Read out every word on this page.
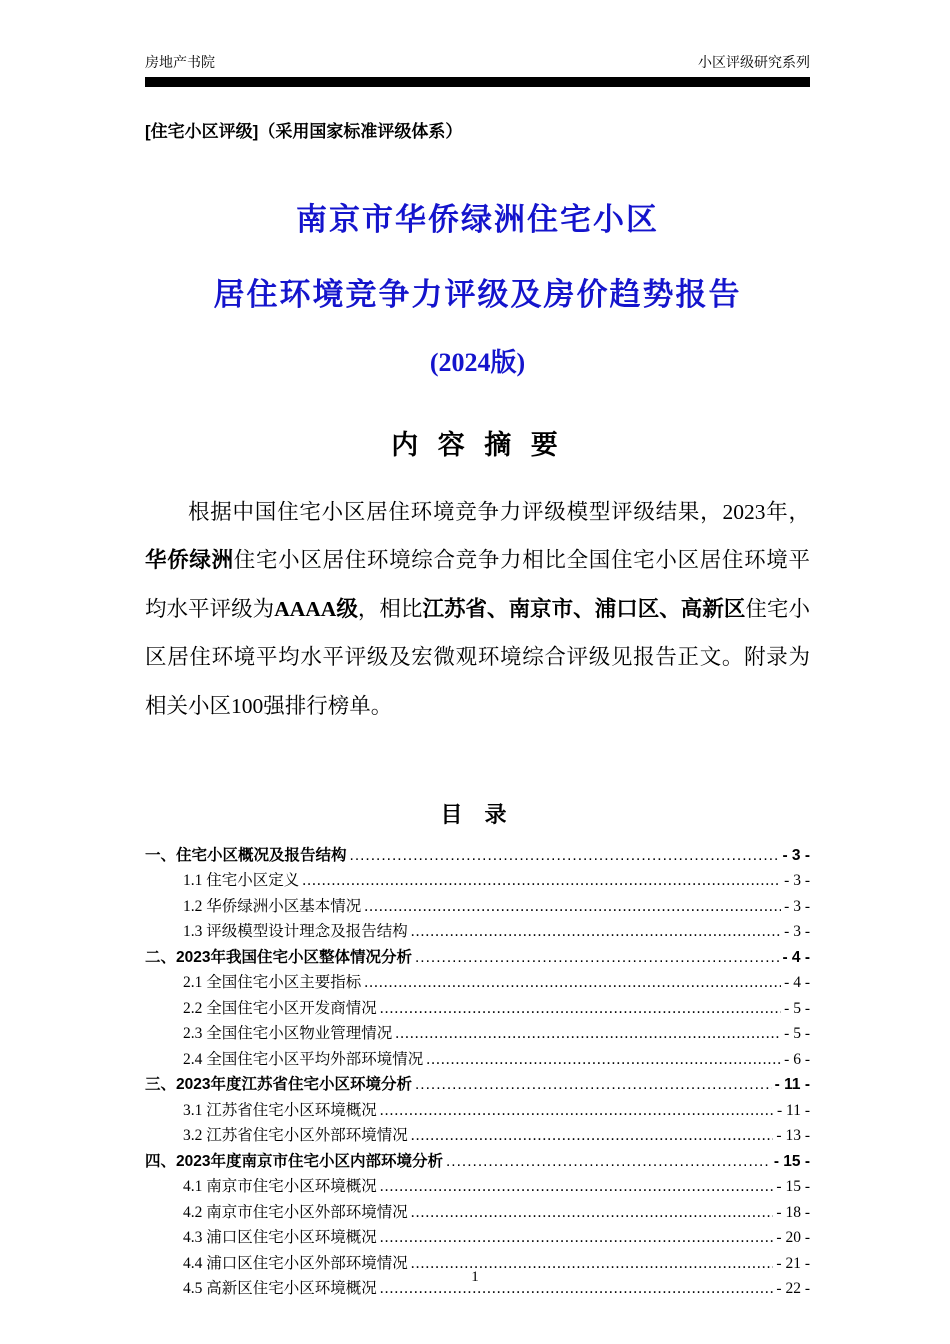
房地产书院	小区评级研究系列
[住宅小区评级]（采用国家标准评级体系）
南京市华侨绿洲住宅小区
居住环境竞争力评级及房价趋势报告
(2024版)
内 容 摘 要
根据中国住宅小区居住环境竞争力评级模型评级结果，2023年，华侨绿洲住宅小区居住环境综合竞争力相比全国住宅小区居住环境平均水平评级为AAAA级，相比江苏省、南京市、浦口区、高新区住宅小区居住环境平均水平评级及宏微观环境综合评级见报告正文。附录为相关小区100强排行榜单。
目 录
一、住宅小区概况及报告结构 .....	- 3 -
1.1 住宅小区定义 .....	- 3 -
1.2 华侨绿洲小区基本情况 .....	- 3 -
1.3 评级模型设计理念及报告结构 .....	- 3 -
二、2023年我国住宅小区整体情况分析 .....	- 4 -
2.1 全国住宅小区主要指标 .....	- 4 -
2.2 全国住宅小区开发商情况 .....	- 5 -
2.3 全国住宅小区物业管理情况 .....	- 5 -
2.4 全国住宅小区平均外部环境情况 .....	- 6 -
三、2023年度江苏省住宅小区环境分析 .....	- 11 -
3.1 江苏省住宅小区环境概况 .....	- 11 -
3.2 江苏省住宅小区外部环境情况 .....	- 13 -
四、2023年度南京市住宅小区内部环境分析 .....	- 15 -
4.1 南京市住宅小区环境概况 .....	- 15 -
4.2 南京市住宅小区外部环境情况 .....	- 18 -
4.3 浦口区住宅小区环境概况 .....	- 20 -
4.4 浦口区住宅小区外部环境情况 .....	- 21 -
4.5 高新区住宅小区环境概况 .....	- 22 -
1
